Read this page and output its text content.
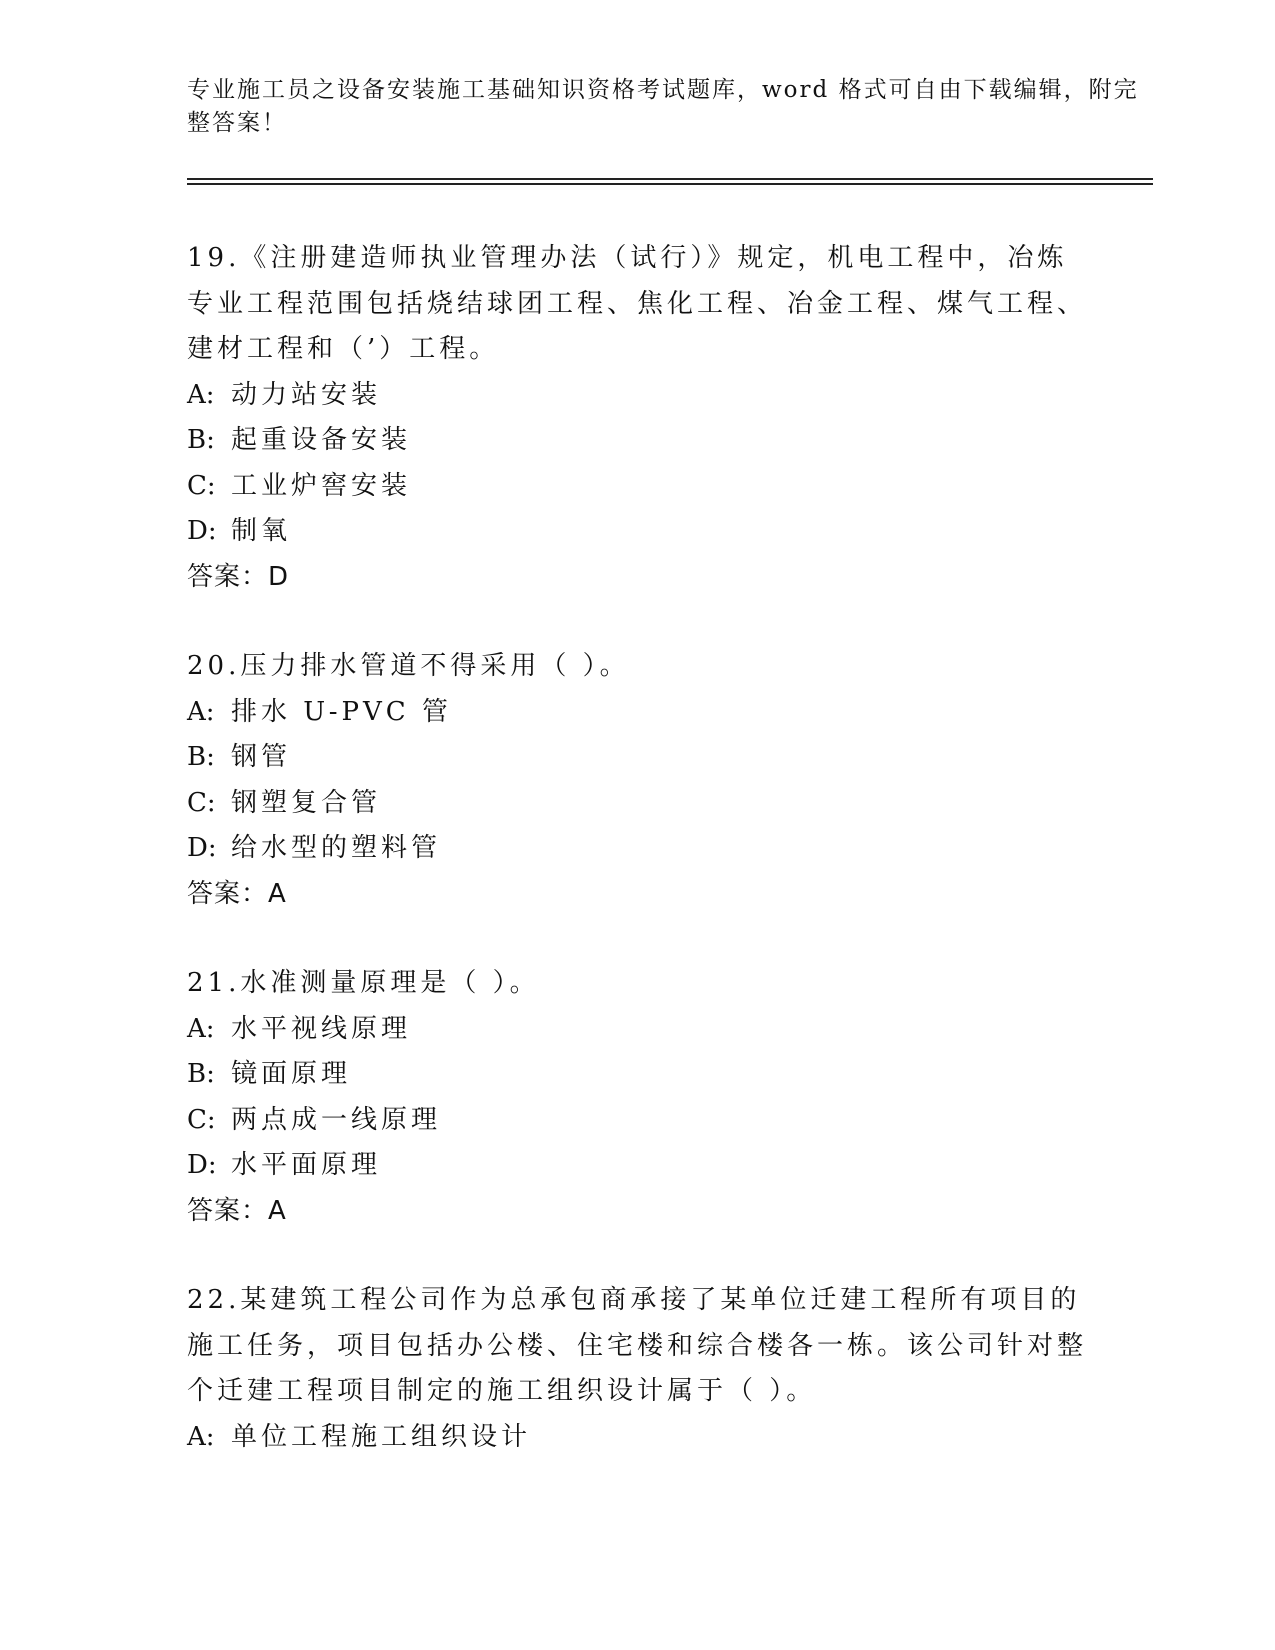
专业施工员之设备安装施工基础知识资格考试题库，word 格式可自由下载编辑，附完整答案！
19.《注册建造师执业管理办法（试行）》规定，机电工程中，冶炼专业工程范围包括烧结球团工程、焦化工程、冶金工程、煤气工程、建材工程和（’）工程。
A: 动力站安装
B: 起重设备安装
C: 工业炉窖安装
D: 制氧
答案：D
20.压力排水管道不得采用（ ）。
A: 排水 U-PVC 管
B: 钢管
C: 钢塑复合管
D: 给水型的塑料管
答案：A
21.水准测量原理是（ ）。
A: 水平视线原理
B: 镜面原理
C: 两点成一线原理
D: 水平面原理
答案：A
22.某建筑工程公司作为总承包商承接了某单位迁建工程所有项目的施工任务，项目包括办公楼、住宅楼和综合楼各一栋。该公司针对整个迁建工程项目制定的施工组织设计属于（ ）。
A: 单位工程施工组织设计
